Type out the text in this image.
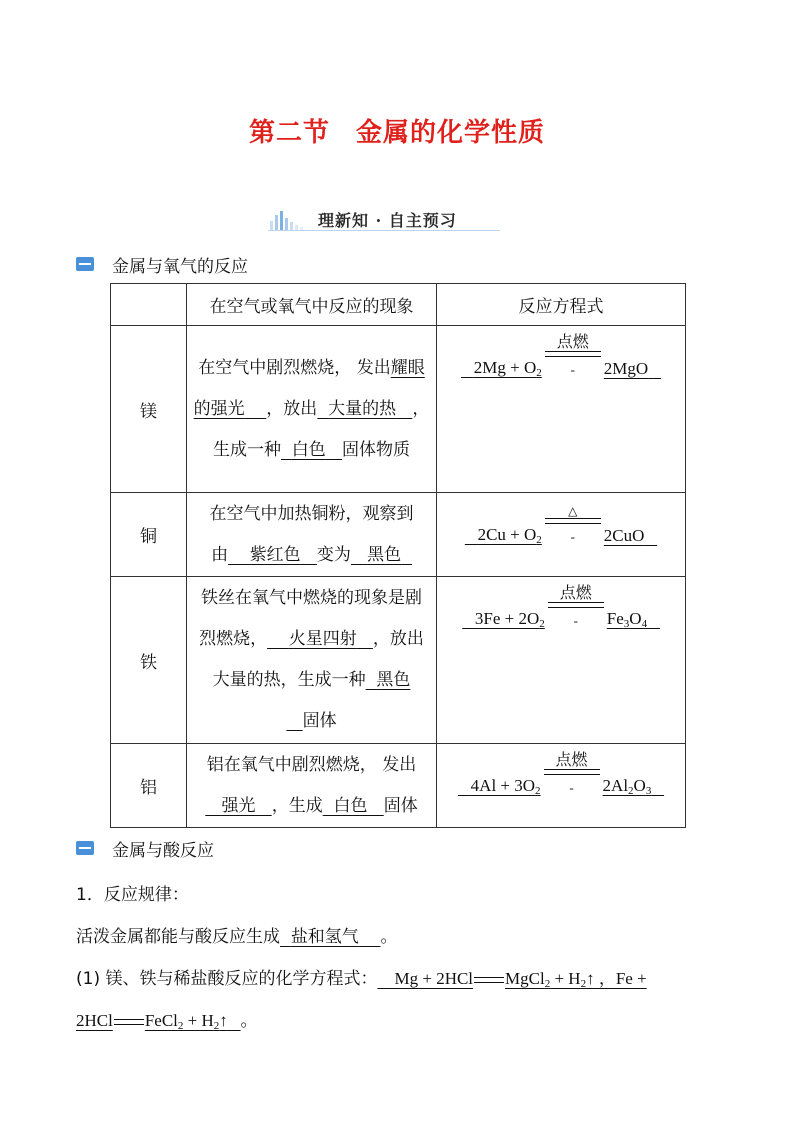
第二节 金属的化学性质
理新知 · 自主预习
金属与氧气的反应
	在空气或氧气中反应的现象	反应方程式
镁	在空气中剧烈燃烧， 发出耀眼的强光 ，放出 大量的热 ，生成一种 白色 固体物质	$2Mg + O_2$
点燃
- 2MgO

铜	在空气中加热铜粉，观察到由 紫红色 变为 黑色	$2Cu + O_2$
△
- 2CuO

铁	铁丝在氧气中燃烧的现象是剧烈燃烧， 火星四射 ，放出大量的热，生成一种 黑色
固体	$3Fe + 2O_2$
点燃
- $Fe_3O_4$

铝	铝在氧气中剧烈燃烧， 发出
强光 ，生成 白色 固体	$4Al + 3O_2$
点燃
- $2Al_2O_3$
金属与酸反应
1．反应规律：
活泼金属都能与酸反应生成 盐和氢气 。
(1) 镁、铁与稀盐酸反应的化学方程式： Mg + 2HCl MgCl$_2$ + $H_2↑$ ，Fe +
2HCl FeCl$_2$ + $H_2↑$ 。
